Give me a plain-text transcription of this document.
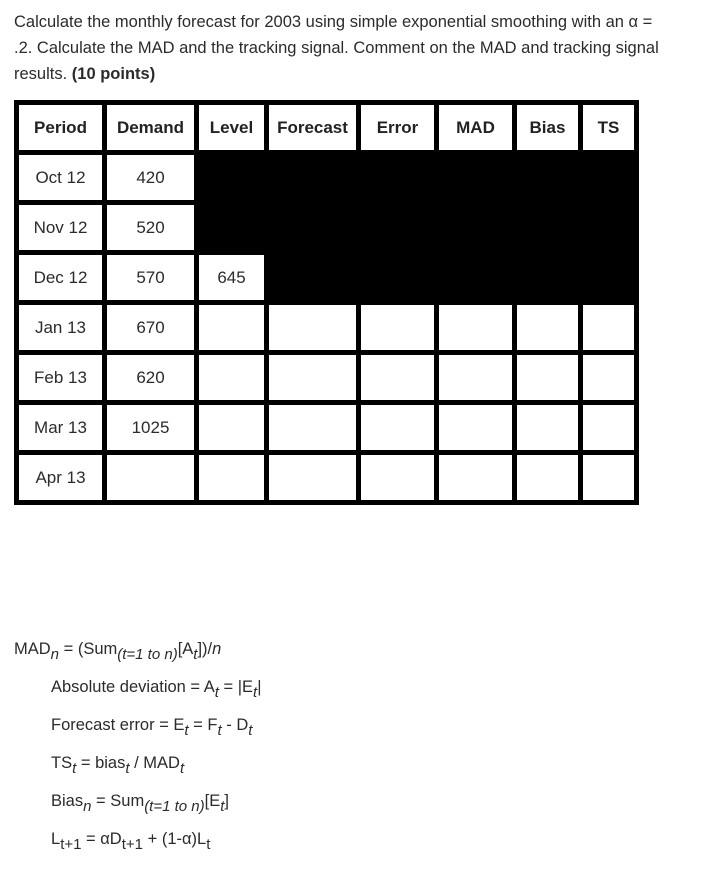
Calculate the monthly forecast for 2003 using simple exponential smoothing with an α =
.2. Calculate the MAD and the tracking signal. Comment on the MAD and tracking signal
results. (10 points)
Period	Demand	Level	Forecast	Error	MAD	Bias	TS
Oct 12	420						
Nov 12	520						
Dec 12	570	645					
Jan 13	670						
Feb 13	620						
Mar 13	1025						
Apr 13							
$MAD_n = (Sum_{(t=1 to n)}[A_t])/n$
Absolute deviation = $A_t = |E_t|$
Forecast error = $E_t = F_t - D_t$
$TS_t$ = bias$_t$ / $MAD_t$
Bias$_n$ = $Sum_{(t=1 to n)}[E_t]$
$L_{t+1} = \alpha D_{t+1} + (1-\alpha)L_t$
